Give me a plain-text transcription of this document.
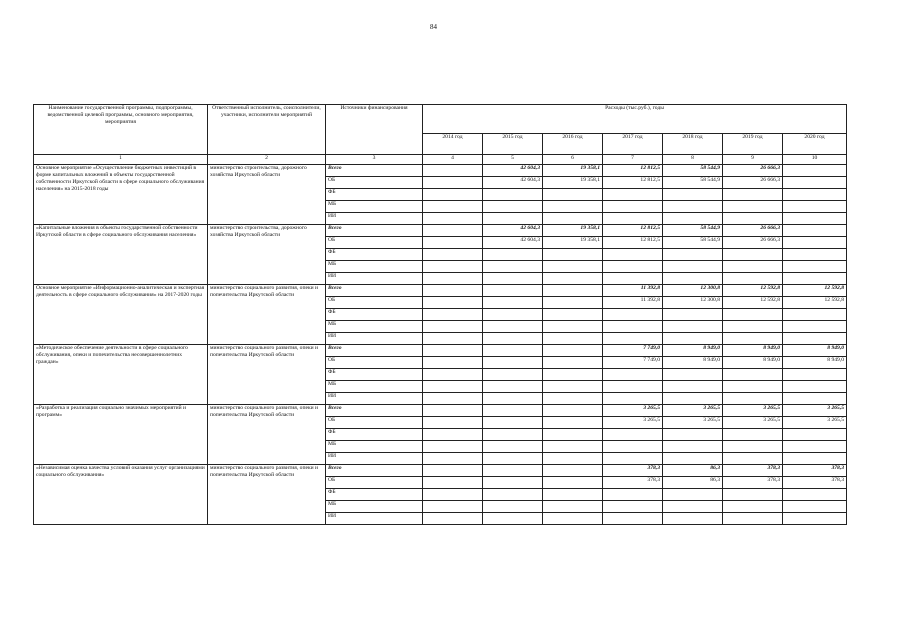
84
Наименование государственной программы, подпрограммы, ведомственной целевой программы, основного мероприятия, мероприятия	Ответственный исполнитель, соисполнители, участники, исполнители мероприятий	Источники финансирования	Расходы (тыс.руб.), годы						
			2014 год	2015 год	2016 год	2017 год	2018 год	2019 год	2020 год
1	2	3	4	5	6	7	8	9	10
Основное мероприятие «Осуществление бюджетных инвестиций в форме капитальных вложений в объекты государственной собственности Иркутской области в сфере социального обслуживания населения» на 2015-2018 годы	министерство строительства, дорожного хозяйства Иркутской области	Всего		42 604,3	19 358,1	12 812,5	58 544,9	26 666,3	
		ОБ		42 604,3	19 358,1	12 812,5	58 544,9	26 666,3	
		ФБ							
		МБ							
		ИИ							
«Капитальные вложения в объекты государственной собственности Иркутской области в сфере социального обслуживания населения»	министерство строительства, дорожного хозяйства Иркутской области	Всего		42 604,3	19 358,1	12 812,5	58 544,9	26 666,3	
		ОБ		42 604,3	19 358,1	12 812,5	58 544,9	26 666,3	
		ФБ							
		МБ							
		ИИ							
Основное мероприятие «Информационно-аналитическая и экспертная деятельность в сфере социального обслуживания» на 2017-2020 годы	министерство социального развития, опеки и попечительства Иркутской области	Всего				11 392,8	12 300,8	12 592,8	12 592,8
		ОБ				11 392,8	12 300,8	12 592,8	12 592,8
		ФБ							
		МБ							
		ИИ							
«Методическое обеспечение деятельности в сфере социального обслуживания, опеки и попечительства несовершеннолетних граждан»	министерство социального развития, опеки и попечительства Иркутской области	Всего				7 749,0	8 949,0	8 949,0	8 949,0
		ОБ				7 749,0	8 949,0	8 949,0	8 949,0
		ФБ							
		МБ							
		ИИ							
«Разработка и реализация социально значимых мероприятий и программ»	министерство социального развития, опеки и попечительства Иркутской области	Всего				3 265,5	3 265,5	3 265,5	3 265,5
		ОБ				3 265,5	3 265,5	3 265,5	3 265,5
		ФБ							
		МБ							
		ИИ							
«Независимая оценка качества условий оказания услуг организациями социального обслуживания»	министерство социального развития, опеки и попечительства Иркутской области	Всего				378,3	86,3	378,3	378,3
		ОБ				378,3	86,3	378,3	378,3
		ФБ							
		МБ							
		ИИ							
